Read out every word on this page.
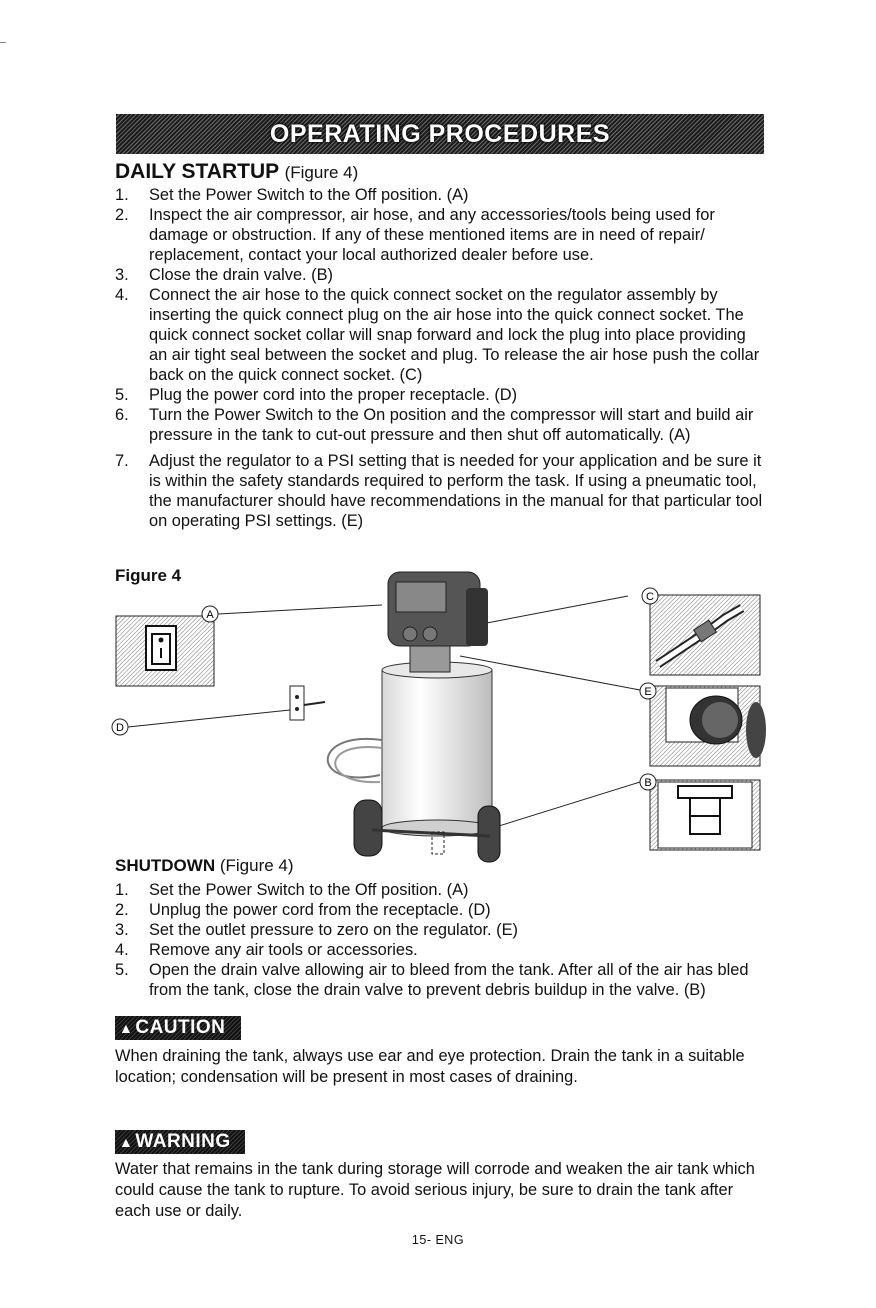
OPERATING PROCEDURES
DAILY STARTUP (Figure 4)
1. Set the Power Switch to the Off position. (A)
2. Inspect the air compressor, air hose, and any accessories/tools being used for damage or obstruction. If any of these mentioned items are in need of repair/ replacement, contact your local authorized dealer before use.
3. Close the drain valve. (B)
4. Connect the air hose to the quick connect socket on the regulator assembly by inserting the quick connect plug on the air hose into the quick connect socket. The quick connect socket collar will snap forward and lock the plug into place providing an air tight seal between the socket and plug. To release the air hose push the collar back on the quick connect socket. (C)
5. Plug the power cord into the proper receptacle. (D)
6. Turn the Power Switch to the On position and the compressor will start and build air pressure in the tank to cut-out pressure and then shut off automatically. (A)
7. Adjust the regulator to a PSI setting that is needed for your application and be sure it is within the safety standards required to perform the task. If using a pneumatic tool, the manufacturer should have recommendations in the manual for that particular tool on operating PSI settings. (E)
Figure 4
A
D
C
E
B
SHUTDOWN (Figure 4)
1. Set the Power Switch to the Off position. (A)
2. Unplug the power cord from the receptacle. (D)
3. Set the outlet pressure to zero on the regulator. (E)
4. Remove any air tools or accessories.
5. Open the drain valve allowing air to bleed from the tank. After all of the air has bled from the tank, close the drain valve to prevent debris buildup in the valve. (B)
▲ CAUTION

When draining the tank, always use ear and eye protection. Drain the tank in a suitable location; condensation will be present in most cases of draining.

▲ WARNING

Water that remains in the tank during storage will corrode and weaken the air tank which could cause the tank to rupture. To avoid serious injury, be sure to drain the tank after each use or daily.

15- ENG
